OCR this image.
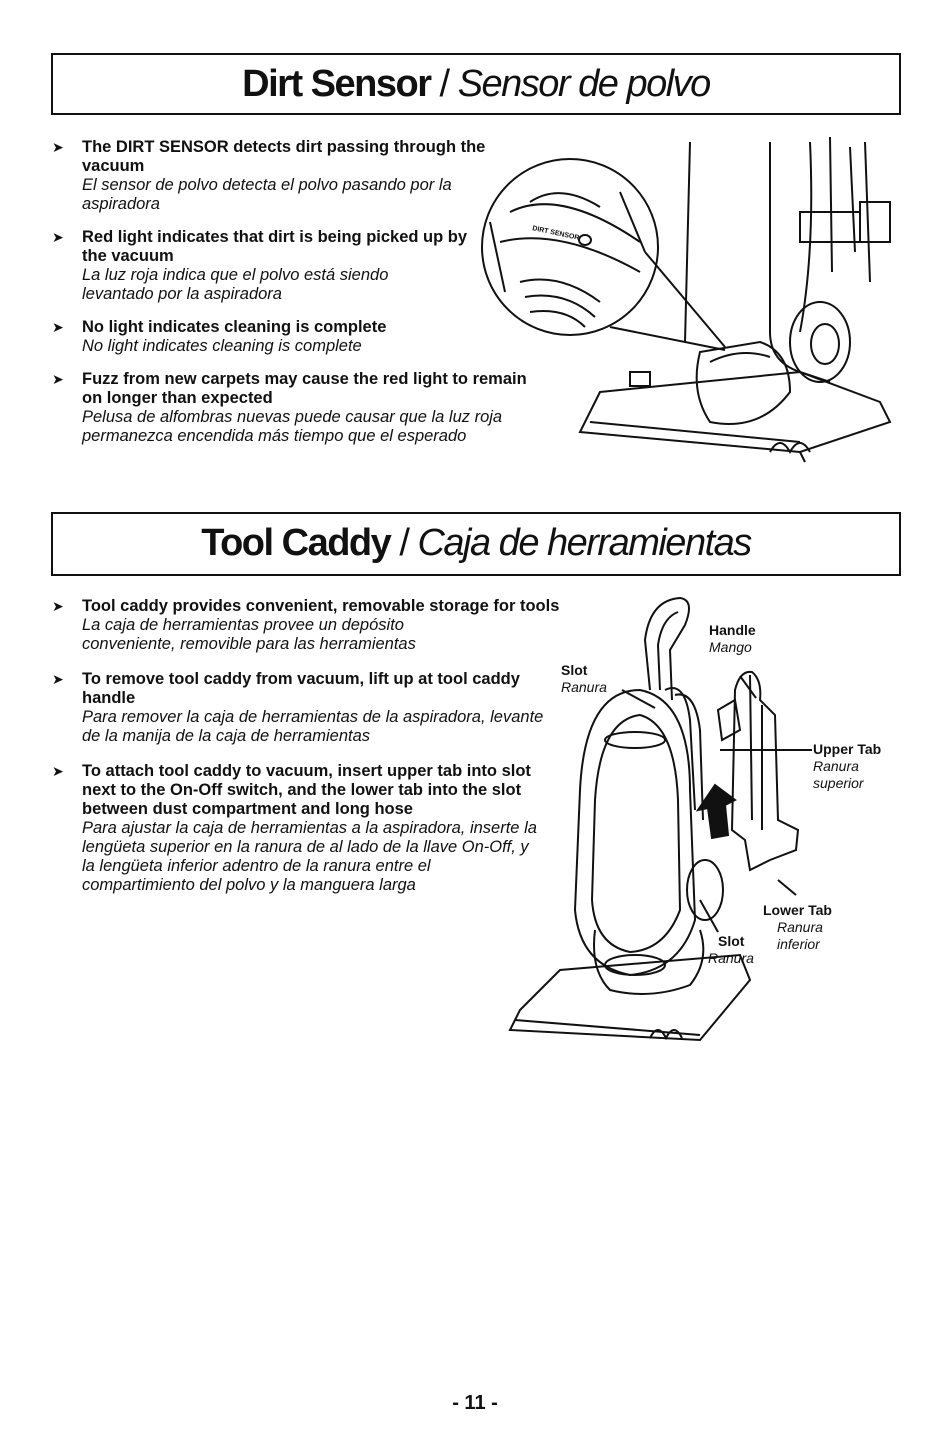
Dirt Sensor / Sensor de polvo
➤ The DIRT SENSOR detects dirt passing through the vacuum
El sensor de polvo detecta el polvo pasando por la aspiradora
➤ Red light indicates that dirt is being picked up by the vacuum
La luz roja indica que el polvo está siendo levantado por la aspiradora
➤ No light indicates cleaning is complete
No light indicates cleaning is complete
➤ Fuzz from new carpets may cause the red light to remain on longer than expected
Pelusa de alfombras nuevas puede causar que la luz roja permanezca encendida más tiempo que el esperado
DIRT SENSOR
Tool Caddy / Caja de herramientas
➤ Tool caddy provides convenient, removable storage for tools
La caja de herramientas provee un depósito conveniente, removible para las herramientas
➤ To remove tool caddy from vacuum, lift up at tool caddy handle
Para remover la caja de herramientas de la aspiradora, levante de la manija de la caja de herramientas
➤ To attach tool caddy to vacuum, insert upper tab into slot next to the On-Off switch, and the lower tab into the slot between dust compartment and long hose
Para ajustar la caja de herramientas a la aspiradora, inserte la lengüeta superior en la ranura de al lado de la llave On-Off, y la lengüeta inferior adentro de la ranura entre el compartimiento del polvo y la manguera larga
Slot
Ranura
Handle
Mango
Upper Tab
Ranura
superior
Lower Tab
Ranura
inferior
Slot
Ranura
- 11 -
